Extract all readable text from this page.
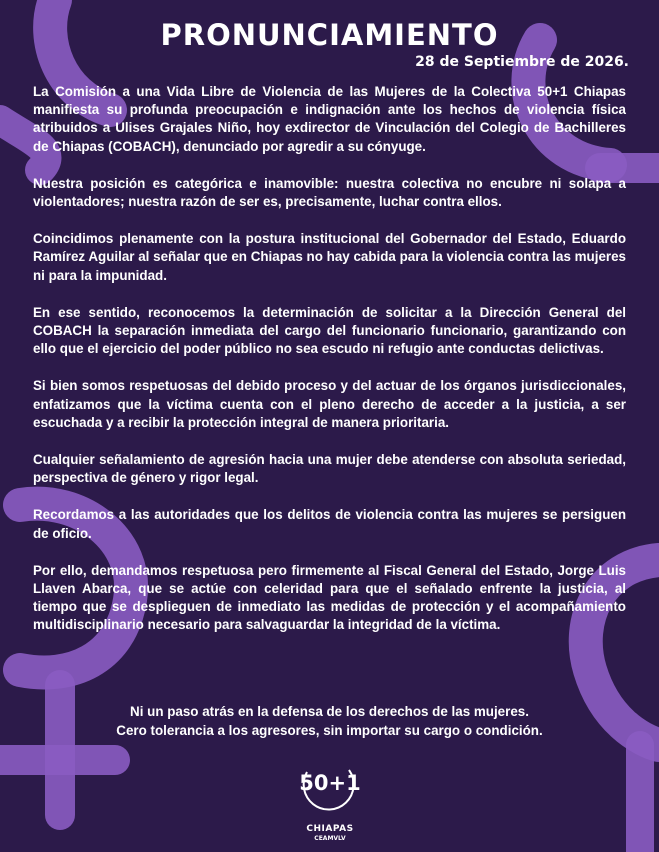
PRONUNCIAMIENTO
28 de Septiembre de 2026.

La Comisión a una Vida Libre de Violencia de las Mujeres de la Colectiva 50+1 Chiapas manifiesta su profunda preocupación e indignación ante los hechos de violencia física atribuidos a Ulises Grajales Niño, hoy exdirector de Vinculación del Colegio de Bachilleres de Chiapas (COBACH), denunciado por agredir a su cónyuge.

Nuestra posición es categórica e inamovible: nuestra colectiva no encubre ni solapa a violentadores; nuestra razón de ser es, precisamente, luchar contra ellos.

Coincidimos plenamente con la postura institucional del Gobernador del Estado, Eduardo Ramírez Aguilar al señalar que en Chiapas no hay cabida para la violencia contra las mujeres ni para la impunidad.

En ese sentido, reconocemos la determinación de solicitar a la Dirección General del COBACH la separación inmediata del cargo del funcionario funcionario, garantizando con ello que el ejercicio del poder público no sea escudo ni refugio ante conductas delictivas.

Si bien somos respetuosas del debido proceso y del actuar de los órganos jurisdiccionales, enfatizamos que la víctima cuenta con el pleno derecho de acceder a la justicia, a ser escuchada y a recibir la protección integral de manera prioritaria.

Cualquier señalamiento de agresión hacia una mujer debe atenderse con absoluta seriedad, perspectiva de género y rigor legal.

Recordamos a las autoridades que los delitos de violencia contra las mujeres se persiguen de oficio.

Por ello, demandamos respetuosa pero firmemente al Fiscal General del Estado, Jorge Luis Llaven Abarca, que se actúe con celeridad para que el señalado enfrente la justicia, al tiempo que se desplieguen de inmediato las medidas de protección y el acompañamiento multidisciplinario necesario para salvaguardar la integridad de la víctima.

Ni un paso atrás en la defensa de los derechos de las mujeres.
Cero tolerancia a los agresores, sin importar su cargo o condición.
50+1
CHIAPAS
CEAMVLV
